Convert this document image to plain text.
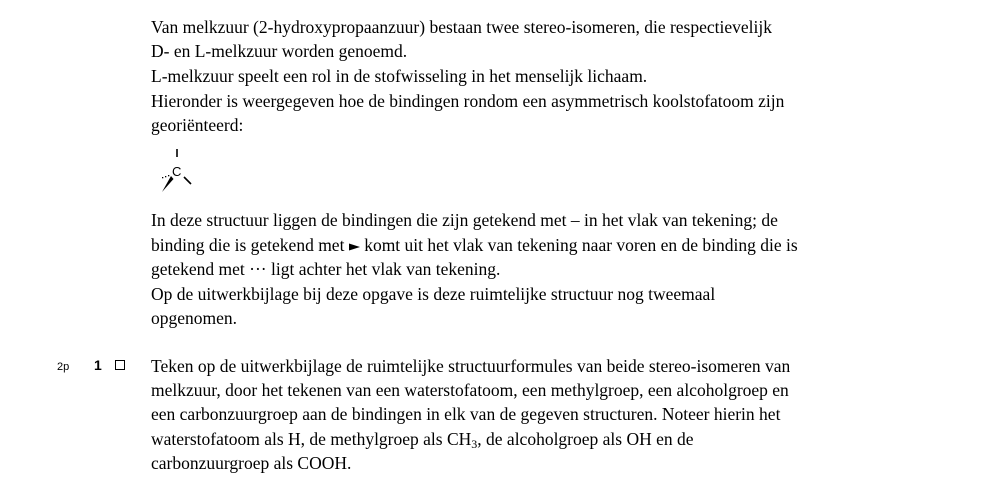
Van melkzuur (2-hydroxypropaanzuur) bestaan twee stereo-isomeren, die respectievelijk
D- en L-melkzuur worden genoemd.
L-melkzuur speelt een rol in de stofwisseling in het menselijk lichaam.
Hieronder is weergegeven hoe de bindingen rondom een asymmetrisch koolstofatoom zijn
georiënteerd:
C
In deze structuur liggen de bindingen die zijn getekend met – in het vlak van tekening; de
binding die is getekend met  komt uit het vlak van tekening naar voren en de binding die is
getekend met ··· ligt achter het vlak van tekening.
Op de uitwerkbijlage bij deze opgave is deze ruimtelijke structuur nog tweemaal
opgenomen.
2p 1	Teken op de uitwerkbijlage de ruimtelijke structuurformules van beide stereo-isomeren van
melkzuur, door het tekenen van een waterstofatoom, een methylgroep, een alcoholgroep en
een carbonzuurgroep aan de bindingen in elk van de gegeven structuren. Noteer hierin het
waterstofatoom als H, de methylgroep als $CH_3$, de alcoholgroep als OH en de
carbonzuurgroep als COOH.
